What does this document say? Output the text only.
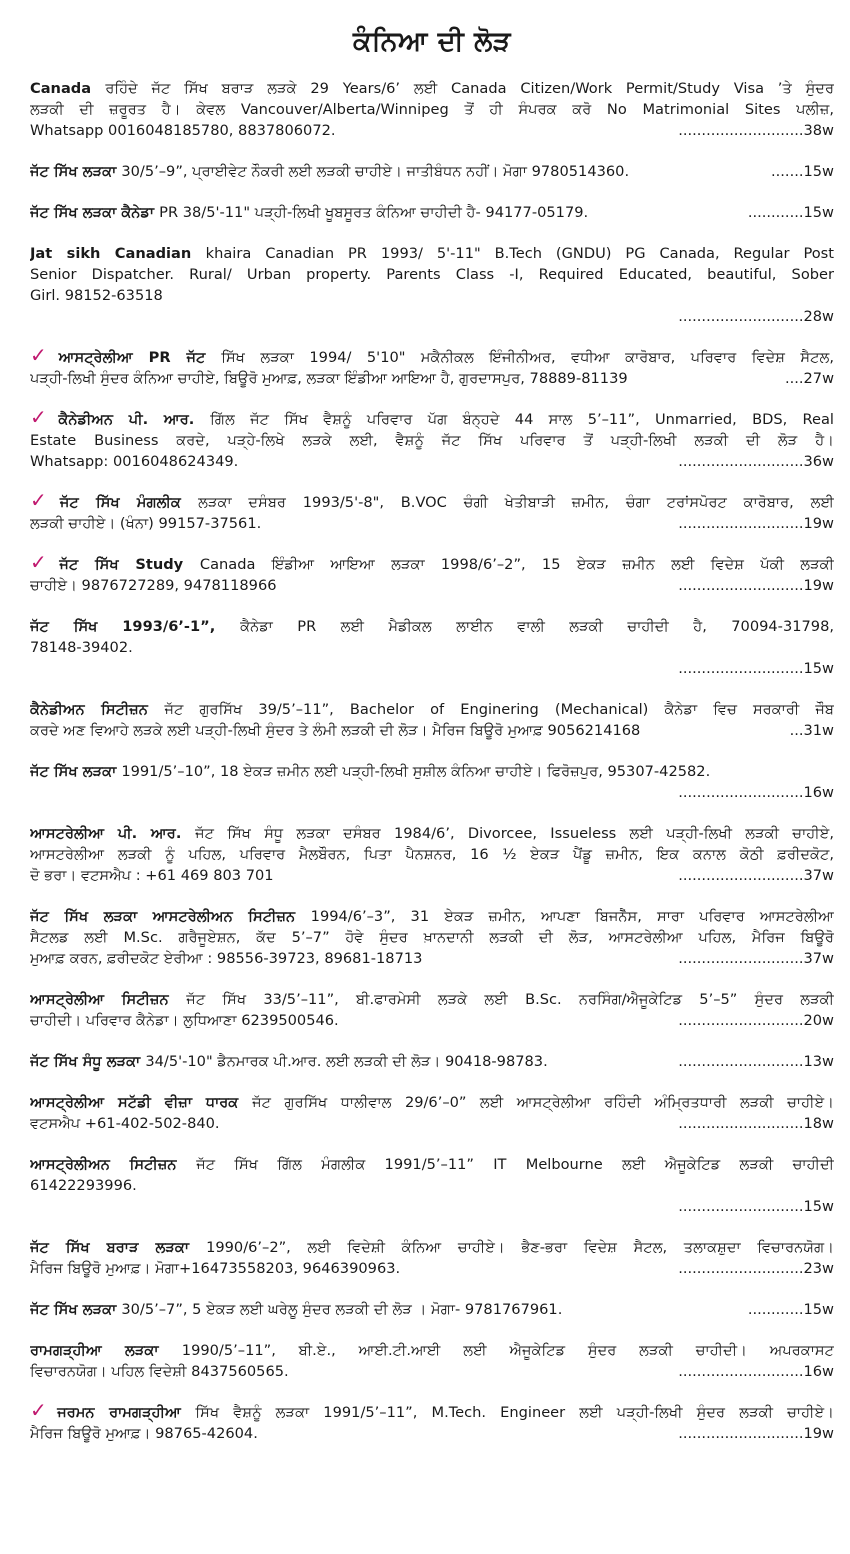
ਕੰਨਿਆ ਦੀ ਲੋੜ
Canada ਰਹਿੰਦੇ ਜੱਟ ਸਿੱਖ ਬਰਾੜ ਲੜਕੇ 29 Years/6’ ਲਈ Canada Citizen/Work Permit/Study Visa ’ਤੇ ਸੁੰਦਰ
ਲੜਕੀ ਦੀ ਜ਼ਰੂਰਤ ਹੈ। ਕੇਵਲ Vancouver/Alberta/Winnipeg ਤੋਂ ਹੀ ਸੰਪਰਕ ਕਰੋ No Matrimonial Sites ਪਲੀਜ਼,
Whatsapp 0016048185780, 8837806072.	...........................38w
ਜੱਟ ਸਿੱਖ ਲੜਕਾ 30/5’–9”, ਪ੍ਰਾਈਵੇਟ ਨੌਕਰੀ ਲਈ ਲੜਕੀ ਚਾਹੀਏ। ਜਾਤੀਬੰਧਨ ਨਹੀਂ। ਮੋਗਾ 9780514360.	.......15w
ਜੱਟ ਸਿੱਖ ਲੜਕਾ ਕੈਨੇਡਾ PR 38/5'-11" ਪੜ੍ਹੀ-ਲਿਖੀ ਖੂਬਸੂਰਤ ਕੰਨਿਆ ਚਾਹੀਦੀ ਹੈ- 94177-05179.	............15w
Jat sikh Canadian khaira Canadian PR 1993/ 5'-11" B.Tech (GNDU) PG Canada, Regular Post
Senior Dispatcher. Rural/ Urban property. Parents Class -I, Required Educated, beautiful, Sober
Girl. 98152-63518
...........................28w
✓ਆਸਟ੍ਰੇਲੀਆ PR ਜੱਟ ਸਿੱਖ ਲੜਕਾ 1994/ 5'10" ਮਕੈਨੀਕਲ ਇੰਜੀਨੀਅਰ, ਵਧੀਆ ਕਾਰੋਬਾਰ, ਪਰਿਵਾਰ ਵਿਦੇਸ਼ ਸੈਟਲ,
ਪੜ੍ਹੀ-ਲਿਖੀ ਸੁੰਦਰ ਕੰਨਿਆ ਚਾਹੀਏ, ਬਿਊਰੋ ਮੁਆਫ਼, ਲੜਕਾ ਇੰਡੀਆ ਆਇਆ ਹੈ, ਗੁਰਦਾਸਪੁਰ, 78889-81139	....27w
✓ਕੈਨੇਡੀਅਨ ਪੀ. ਆਰ. ਗਿੱਲ ਜੱਟ ਸਿੱਖ ਵੈਸ਼ਨੂੰ ਪਰਿਵਾਰ ਪੱਗ ਬੰਨ੍ਹਦੇ 44 ਸਾਲ 5’–11”, Unmarried, BDS, Real
Estate Business ਕਰਦੇ, ਪੜ੍ਹੇ-ਲਿਖੇ ਲੜਕੇ ਲਈ, ਵੈਸ਼ਨੂੰ ਜੱਟ ਸਿੱਖ ਪਰਿਵਾਰ ਤੋਂ ਪੜ੍ਹੀ-ਲਿਖੀ ਲੜਕੀ ਦੀ ਲੋੜ ਹੈ।
Whatsapp: 0016048624349.	...........................36w
✓ਜੱਟ ਸਿੱਖ ਮੰਗਲੀਕ ਲੜਕਾ ਦਸੰਬਰ 1993/5'-8", B.VOC ਚੰਗੀ ਖੇਤੀਬਾੜੀ ਜ਼ਮੀਨ, ਚੰਗਾ ਟਰਾਂਸਪੋਰਟ ਕਾਰੋਬਾਰ, ਲਈ
ਲੜਕੀ ਚਾਹੀਏ। (ਖੰਨਾ) 99157-37561.	...........................19w
✓ਜੱਟ ਸਿੱਖ Study Canada ਇੰਡੀਆ ਆਇਆ ਲੜਕਾ 1998/6’–2”, 15 ਏਕੜ ਜ਼ਮੀਨ ਲਈ ਵਿਦੇਸ਼ ਪੱਕੀ ਲੜਕੀ
ਚਾਹੀਏ। 9876727289, 9478118966	...........................19w
ਜੱਟ ਸਿੱਖ 1993/6’-1”, ਕੈਨੇਡਾ PR ਲਈ ਮੈਡੀਕਲ ਲਾਈਨ ਵਾਲੀ ਲੜਕੀ ਚਾਹੀਦੀ ਹੈ, 70094-31798,
78148-39402.
...........................15w
ਕੈਨੇਡੀਅਨ ਸਿਟੀਜ਼ਨ ਜੱਟ ਗੁਰਸਿੱਖ 39/5’–11”, Bachelor of Enginering (Mechanical) ਕੈਨੇਡਾ ਵਿਚ ਸਰਕਾਰੀ ਜੌਬ
ਕਰਦੇ ਅਣ ਵਿਆਹੇ ਲੜਕੇ ਲਈ ਪੜ੍ਹੀ-ਲਿਖੀ ਸੁੰਦਰ ਤੇ ਲੰਮੀ ਲੜਕੀ ਦੀ ਲੋੜ। ਮੈਰਿਜ ਬਿਊਰੋ ਮੁਆਫ਼ 9056214168	...31w
ਜੱਟ ਸਿੱਖ ਲੜਕਾ 1991/5’–10”, 18 ਏਕੜ ਜ਼ਮੀਨ ਲਈ ਪੜ੍ਹੀ-ਲਿਖੀ ਸੁਸ਼ੀਲ ਕੰਨਿਆ ਚਾਹੀਏ। ਫਿਰੋਜ਼ਪੁਰ, 95307-42582.
...........................16w
ਆਸਟਰੇਲੀਆ ਪੀ. ਆਰ. ਜੱਟ ਸਿੱਖ ਸੰਧੂ ਲੜਕਾ ਦਸੰਬਰ 1984/6’, Divorcee, Issueless ਲਈ ਪੜ੍ਹੀ-ਲਿਖੀ ਲੜਕੀ ਚਾਹੀਏ,
ਆਸਟਰੇਲੀਆ ਲੜਕੀ ਨੂੰ ਪਹਿਲ, ਪਰਿਵਾਰ ਮੈਲਬੌਰਨ, ਪਿਤਾ ਪੈਨਸ਼ਨਰ, 16 ½ ਏਕੜ ਪੈਂਡੂ ਜ਼ਮੀਨ, ਇਕ ਕਨਾਲ ਕੋਠੀ ਫ਼ਰੀਦਕੋਟ,
ਦੋ ਭਰਾ। ਵਟਸਐਪ : +61 469 803 701	...........................37w
ਜੱਟ ਸਿੱਖ ਲੜਕਾ ਆਸਟਰੇਲੀਅਨ ਸਿਟੀਜ਼ਨ 1994/6’–3”, 31 ਏਕੜ ਜ਼ਮੀਨ, ਆਪਣਾ ਬਿਜਨੈੱਸ, ਸਾਰਾ ਪਰਿਵਾਰ ਆਸਟਰੇਲੀਆ
ਸੈਟਲਡ ਲਈ M.Sc. ਗਰੈਜੂਏਸ਼ਨ, ਕੱਦ 5’–7” ਹੋਵੇ ਸੁੰਦਰ ਖ਼ਾਨਦਾਨੀ ਲੜਕੀ ਦੀ ਲੋੜ, ਆਸਟਰੇਲੀਆ ਪਹਿਲ, ਮੈਰਿਜ ਬਿਊਰੋ
ਮੁਆਫ਼ ਕਰਨ, ਫ਼ਰੀਦਕੋਟ ਏਰੀਆ : 98556-39723, 89681-18713	...........................37w
ਆਸਟ੍ਰੇਲੀਆ ਸਿਟੀਜ਼ਨ ਜੱਟ ਸਿੱਖ 33/5’–11”, ਬੀ.ਫਾਰਮੇਸੀ ਲੜਕੇ ਲਈ B.Sc. ਨਰਸਿੰਗ/ਐਜੂਕੇਟਿਡ 5’–5” ਸੁੰਦਰ ਲੜਕੀ
ਚਾਹੀਦੀ। ਪਰਿਵਾਰ ਕੈਨੇਡਾ। ਲੁਧਿਆਣਾ 6239500546.	...........................20w
ਜੱਟ ਸਿੱਖ ਸੰਧੂ ਲੜਕਾ 34/5'-10" ਡੈਨਮਾਰਕ ਪੀ.ਆਰ. ਲਈ ਲੜਕੀ ਦੀ ਲੋੜ। 90418-98783.	...........................13w
ਆਸਟ੍ਰੇਲੀਆ ਸਟੱਡੀ ਵੀਜ਼ਾ ਧਾਰਕ ਜੱਟ ਗੁਰਸਿੱਖ ਧਾਲੀਵਾਲ 29/6’–0” ਲਈ ਆਸਟ੍ਰੇਲੀਆ ਰਹਿੰਦੀ ਅੰਮ੍ਰਿਤਧਾਰੀ ਲੜਕੀ ਚਾਹੀਏ।
ਵਟਸਐਪ +61-402-502-840.	...........................18w
ਆਸਟ੍ਰੇਲੀਅਨ ਸਿਟੀਜ਼ਨ ਜੱਟ ਸਿੱਖ ਗਿੱਲ ਮੰਗਲੀਕ 1991/5’–11” IT Melbourne ਲਈ ਐਜੂਕੇਟਿਡ ਲੜਕੀ ਚਾਹੀਦੀ
61422293996.
...........................15w
ਜੱਟ ਸਿੱਖ ਬਰਾੜ ਲੜਕਾ 1990/6’–2”, ਲਈ ਵਿਦੇਸ਼ੀ ਕੰਨਿਆ ਚਾਹੀਏ। ਭੈਣ-ਭਰਾ ਵਿਦੇਸ਼ ਸੈਟਲ, ਤਲਾਕਸ਼ੁਦਾ ਵਿਚਾਰਨਯੋਗ।
ਮੈਰਿਜ ਬਿਊਰੋ ਮੁਆਫ਼। ਮੋਗਾ+16473558203, 9646390963.	...........................23w
ਜੱਟ ਸਿੱਖ ਲੜਕਾ 30/5’–7”, 5 ਏਕੜ ਲਈ ਘਰੇਲੂ ਸੁੰਦਰ ਲੜਕੀ ਦੀ ਲੋੜ । ਮੋਗਾ- 9781767961.	............15w
ਰਾਮਗੜ੍ਹੀਆ ਲੜਕਾ 1990/5’–11”, ਬੀ.ਏ., ਆਈ.ਟੀ.ਆਈ ਲਈ ਐਜੂਕੇਟਿਡ ਸੁੰਦਰ ਲੜਕੀ ਚਾਹੀਦੀ। ਅਪਰਕਾਸਟ
ਵਿਚਾਰਨਯੋਗ। ਪਹਿਲ ਵਿਦੇਸ਼ੀ 8437560565.	...........................16w
✓ਜਰਮਨ ਰਾਮਗੜ੍ਹੀਆ ਸਿੱਖ ਵੈਸ਼ਨੂੰ ਲੜਕਾ 1991/5’–11”, M.Tech. Engineer ਲਈ ਪੜ੍ਹੀ-ਲਿਖੀ ਸੁੰਦਰ ਲੜਕੀ ਚਾਹੀਏ।
ਮੈਰਿਜ ਬਿਊਰੋ ਮੁਆਫ਼। 98765-42604.	...........................19w
